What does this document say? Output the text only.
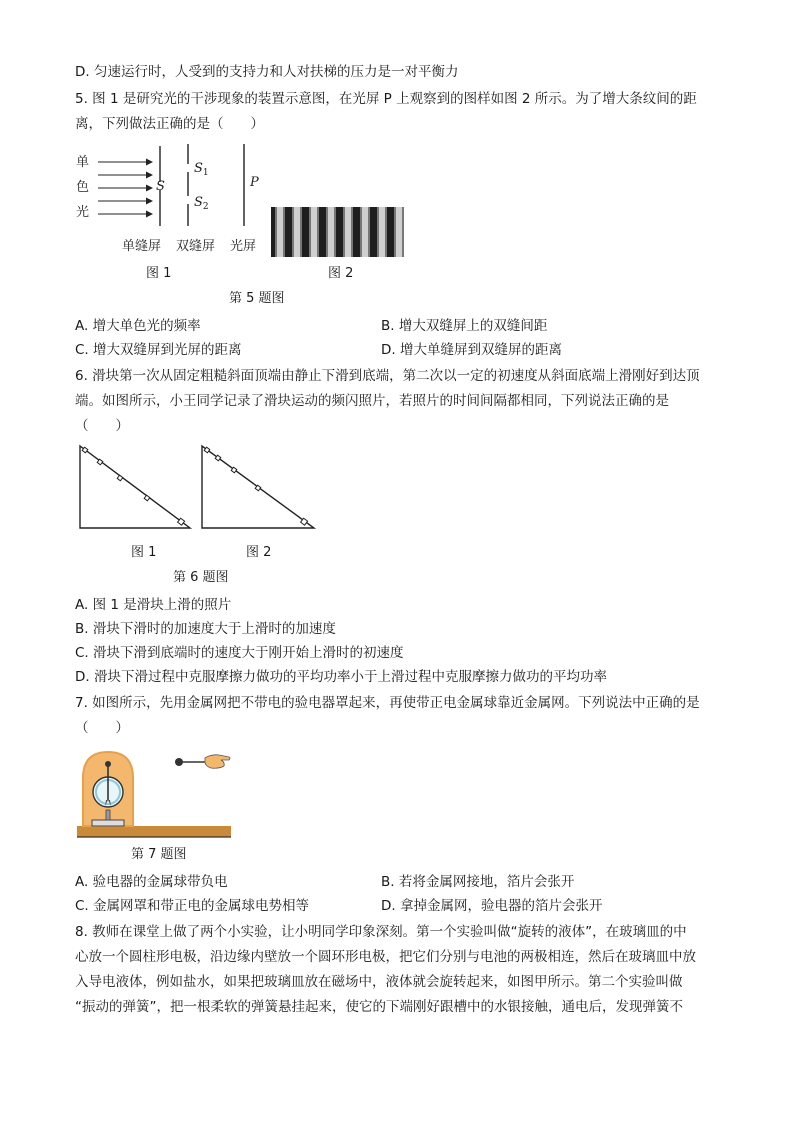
D. 匀速运行时，人受到的支持力和人对扶梯的压力是一对平衡力
5. 图 1 是研究光的干涉现象的装置示意图，在光屏 P 上观察到的图样如图 2 所示。为了增大条纹间的距
离，下列做法正确的是（　　）
单
色
光
S
$S_1$
$S_2$
P
单缝屏 双缝屏 光屏
图 1	图 2
第 5 题图
A. 增大单色光的频率	B. 增大双缝屏上的双缝间距
C. 增大双缝屏到光屏的距离	D. 增大单缝屏到双缝屏的距离
6. 滑块第一次从固定粗糙斜面顶端由静止下滑到底端，第二次以一定的初速度从斜面底端上滑刚好到达顶
端。如图所示，小王同学记录了滑块运动的频闪照片，若照片的时间间隔都相同，下列说法正确的是
（　　）
图 1	图 2
第 6 题图
A. 图 1 是滑块上滑的照片
B. 滑块下滑时的加速度大于上滑时的加速度
C. 滑块下滑到底端时的速度大于刚开始上滑时的初速度
D. 滑块下滑过程中克服摩擦力做功的平均功率小于上滑过程中克服摩擦力做功的平均功率
7. 如图所示，先用金属网把不带电的验电器罩起来，再使带正电金属球靠近金属网。下列说法中正确的是
（　　）
第 7 题图
A. 验电器的金属球带负电	B. 若将金属网接地，箔片会张开
C. 金属网罩和带正电的金属球电势相等	D. 拿掉金属网，验电器的箔片会张开
8. 教师在课堂上做了两个小实验，让小明同学印象深刻。第一个实验叫做“旋转的液体”，在玻璃皿的中
心放一个圆柱形电极，沿边缘内壁放一个圆环形电极，把它们分别与电池的两极相连，然后在玻璃皿中放
入导电液体，例如盐水，如果把玻璃皿放在磁场中，液体就会旋转起来，如图甲所示。第二个实验叫做
“振动的弹簧”，把一根柔软的弹簧悬挂起来，使它的下端刚好跟槽中的水银接触，通电后，发现弹簧不
